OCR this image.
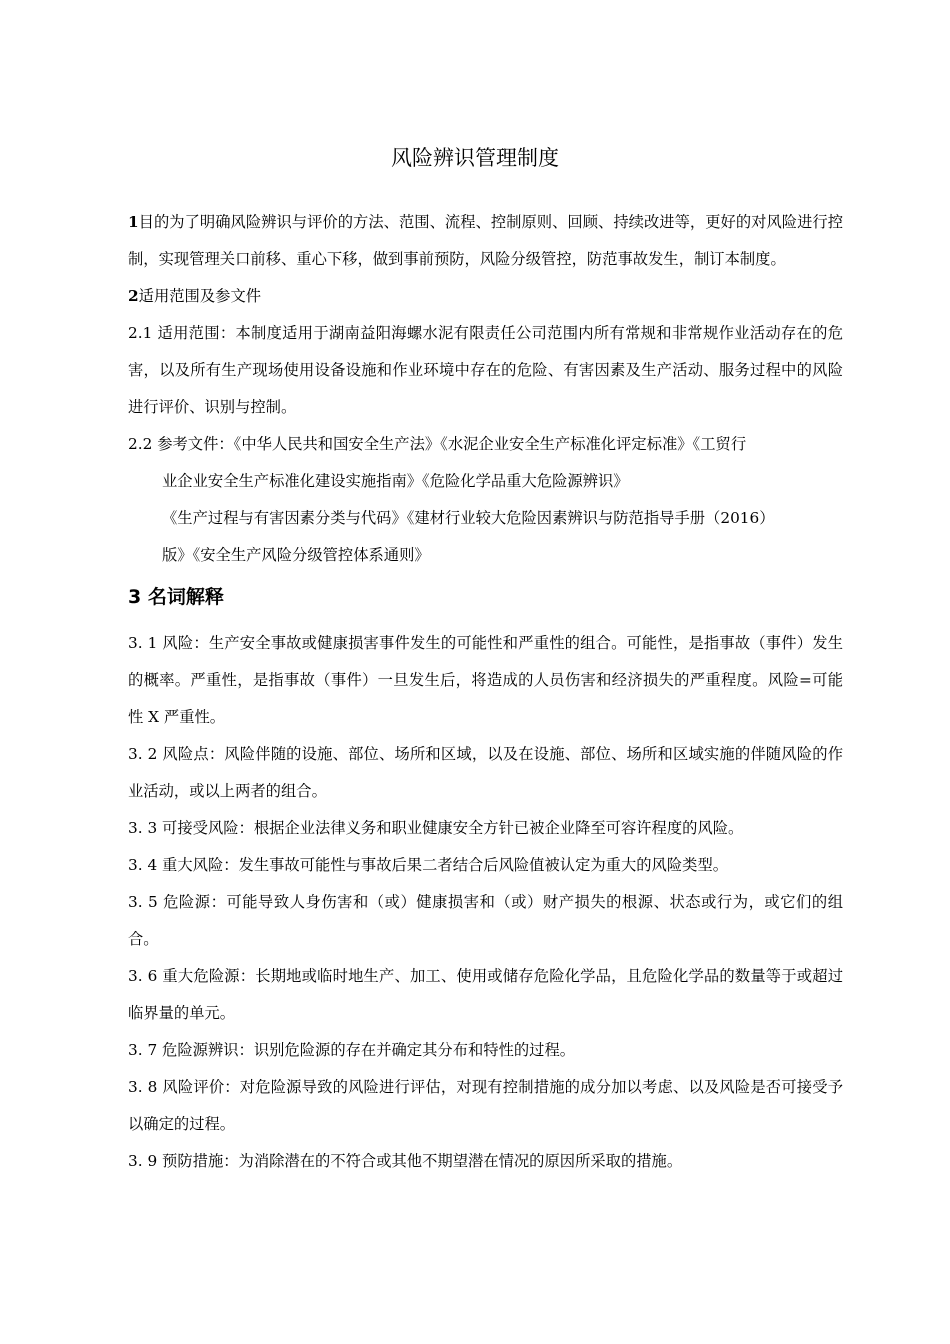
风险辨识管理制度

1目的为了明确风险辨识与评价的方法、范围、流程、控制原则、回顾、持续改进等，更好的对风险进行控制，实现管理关口前移、重心下移，做到事前预防，风险分级管控，防范事故发生，制订本制度。

2适用范围及参文件

2.1 适用范围：本制度适用于湖南益阳海螺水泥有限责任公司范围内所有常规和非常规作业活动存在的危害，以及所有生产现场使用设备设施和作业环境中存在的危险、有害因素及生产活动、服务过程中的风险进行评价、识别与控制。

2.2 参考文件：《中华人民共和国安全生产法》《水泥企业安全生产标准化评定标准》《工贸行

业企业安全生产标准化建设实施指南》《危险化学品重大危险源辨识》

《生产过程与有害因素分类与代码》《建材行业较大危险因素辨识与防范指导手册（2016）

版》《安全生产风险分级管控体系通则》

3 名词解释
3. 1 风险：生产安全事故或健康损害事件发生的可能性和严重性的组合。可能性，是指事故（事件）发生的概率。严重性，是指事故（事件）一旦发生后，将造成的人员伤害和经济损失的严重程度。风险=可能性 X 严重性。
3. 2 风险点：风险伴随的设施、部位、场所和区域，以及在设施、部位、场所和区域实施的伴随风险的作业活动，或以上两者的组合。
3. 3 可接受风险：根据企业法律义务和职业健康安全方针已被企业降至可容许程度的风险。
3. 4 重大风险：发生事故可能性与事故后果二者结合后风险值被认定为重大的风险类型。
3. 5 危险源：可能导致人身伤害和（或）健康损害和（或）财产损失的根源、状态或行为，或它们的组合。
3. 6 重大危险源：长期地或临时地生产、加工、使用或储存危险化学品，且危险化学品的数量等于或超过临界量的单元。
3. 7 危险源辨识：识别危险源的存在并确定其分布和特性的过程。
3. 8 风险评价：对危险源导致的风险进行评估，对现有控制措施的成分加以考虑、以及风险是否可接受予以确定的过程。
3. 9 预防措施：为消除潜在的不符合或其他不期望潜在情况的原因所采取的措施。
